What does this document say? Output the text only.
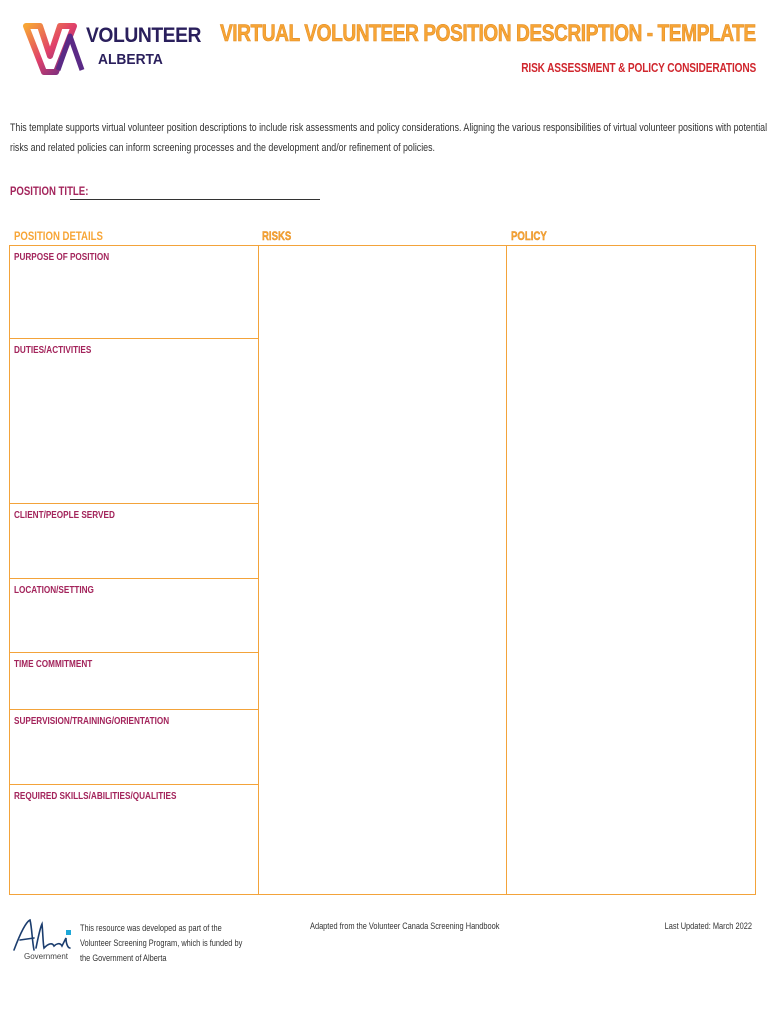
VOLUNTEER
ALBERTA
VIRTUAL VOLUNTEER POSITION DESCRIPTION - TEMPLATE
RISK ASSESSMENT & POLICY CONSIDERATIONS
This template supports virtual volunteer position descriptions to include risk assessments and policy considerations. Aligning the various responsibilities of virtual volunteer positions with potential risks and related policies can inform screening processes and the development and/or refinement of policies.
POSITION TITLE:
POSITION DETAILS	RISKS	POLICY
PURPOSE OF POSITION
DUTIES/ACTIVITIES
CLIENT/PEOPLE SERVED
LOCATION/SETTING
TIME COMMITMENT
SUPERVISION/TRAINING/ORIENTATION
REQUIRED SKILLS/ABILITIES/QUALITIES
Government
This resource was developed as part of the Volunteer Screening Program, which is funded by the Government of Alberta
Adapted from the Volunteer Canada Screening Handbook	Last Updated: March 2022
